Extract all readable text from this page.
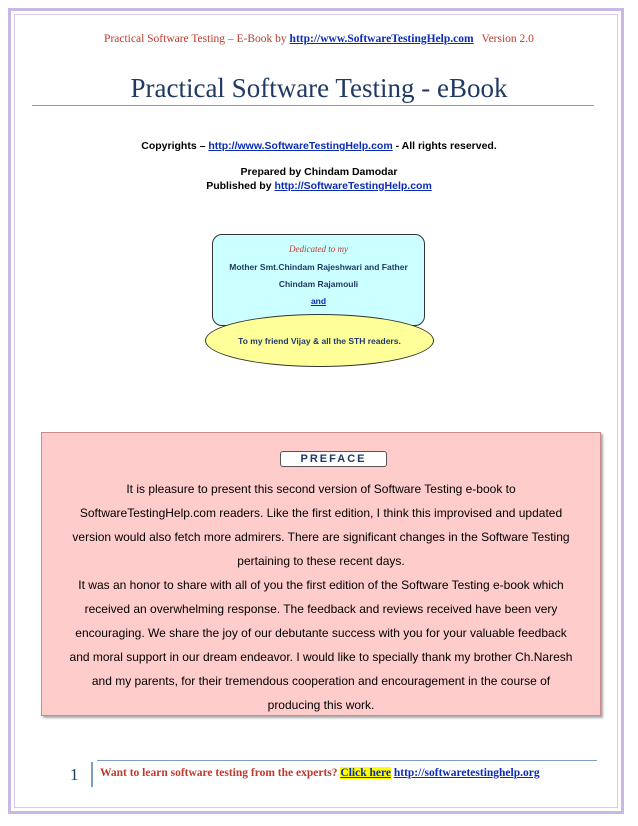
Practical Software Testing – E-Book by http://www.SoftwareTestingHelp.com Version 2.0
Practical Software Testing - eBook
Copyrights – http://www.SoftwareTestingHelp.com - All rights reserved.
Prepared by Chindam Damodar
Published by http://SoftwareTestingHelp.com
Dedicated to my
Mother Smt.Chindam Rajeshwari and Father
Chindam Rajamouli
and
To my friend Vijay & all the STH readers.
PREFACE

It is pleasure to present this second version of Software Testing e-book to
SoftwareTestingHelp.com readers. Like the first edition, I think this improvised and updated
version would also fetch more admirers. There are significant changes in the Software Testing
pertaining to these recent days.
It was an honor to share with all of you the first edition of the Software Testing e-book which
received an overwhelming response. The feedback and reviews received have been very
encouraging. We share the joy of our debutante success with you for your valuable feedback
and moral support in our dream endeavor. I would like to specially thank my brother Ch.Naresh
and my parents, for their tremendous cooperation and encouragement in the course of
producing this work.

1 Want to learn software testing from the experts? Click here http://softwaretestinghelp.org
